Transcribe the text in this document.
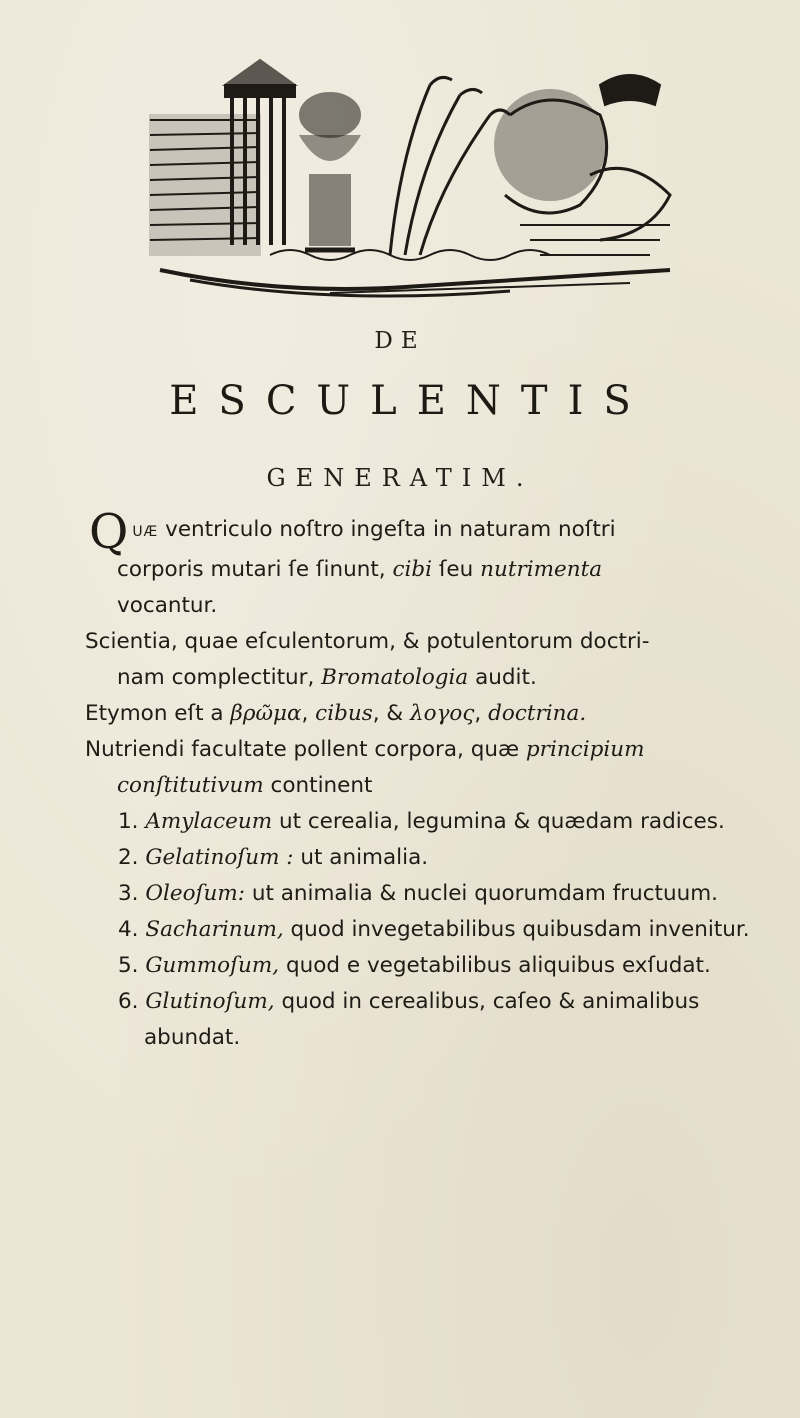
DE
ESCULENTIS
GENERATIM.

QUÆ ventriculo noſtro ingeſta in naturam noſtri
corporis mutari ſe ſinunt, cibi ſeu nutrimenta
vocantur.

Scientia, quae eſculentorum, & potulentorum doctri-
nam complectitur, Bromatologia audit.

Etymon eſt a βρῶμα, cibus, & λογος, doctrina.

Nutriendi facultate pollent corpora, quæ principium
conſtitutivum continent

1. Amylaceum ut cerealia, legumina & quædam radices.

2. Gelatinoſum : ut animalia.

3. Oleoſum: ut animalia & nuclei quorumdam fructuum.

4. Sacharinum, quod invegetabilibus quibusdam invenitur.

5. Gummoſum, quod e vegetabilibus aliquibus exſudat.

6. Glutinoſum, quod in cerealibus, caſeo & animalibus abundat.
